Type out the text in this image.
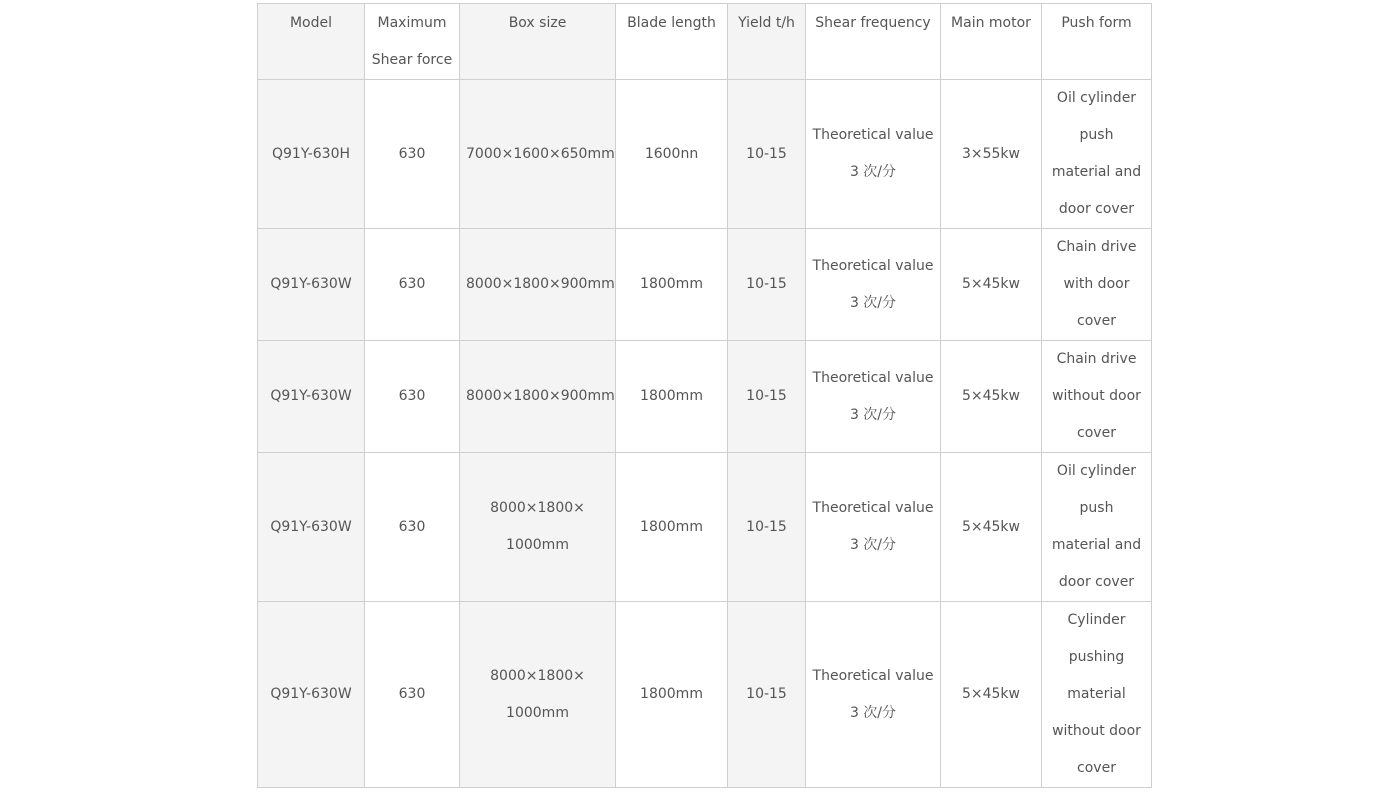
Model	Maximum
Shear force	Box size	Blade length	Yield t/h	Shear frequency	Main motor	Push form

Q91Y-630H	630	7000×1600×650mm	1600nn	10-15	Theoretical value
3 次/分	3×55kw	Oil cylinder
push
material and
door cover

Q91Y-630W	630	8000×1800×900mm	1800mm	10-15	Theoretical value
3 次/分	5×45kw	Chain drive
with door
cover

Q91Y-630W	630	8000×1800×900mm	1800mm	10-15	Theoretical value
3 次/分	5×45kw	Chain drive
without door
cover

Q91Y-630W	630	8000×1800×
1000mm	1800mm	10-15	Theoretical value
3 次/分	5×45kw	Oil cylinder
push
material and
door cover

Q91Y-630W	630	8000×1800×
1000mm	1800mm	10-15	Theoretical value
3 次/分	5×45kw	Cylinder
pushing
material
without door
cover
